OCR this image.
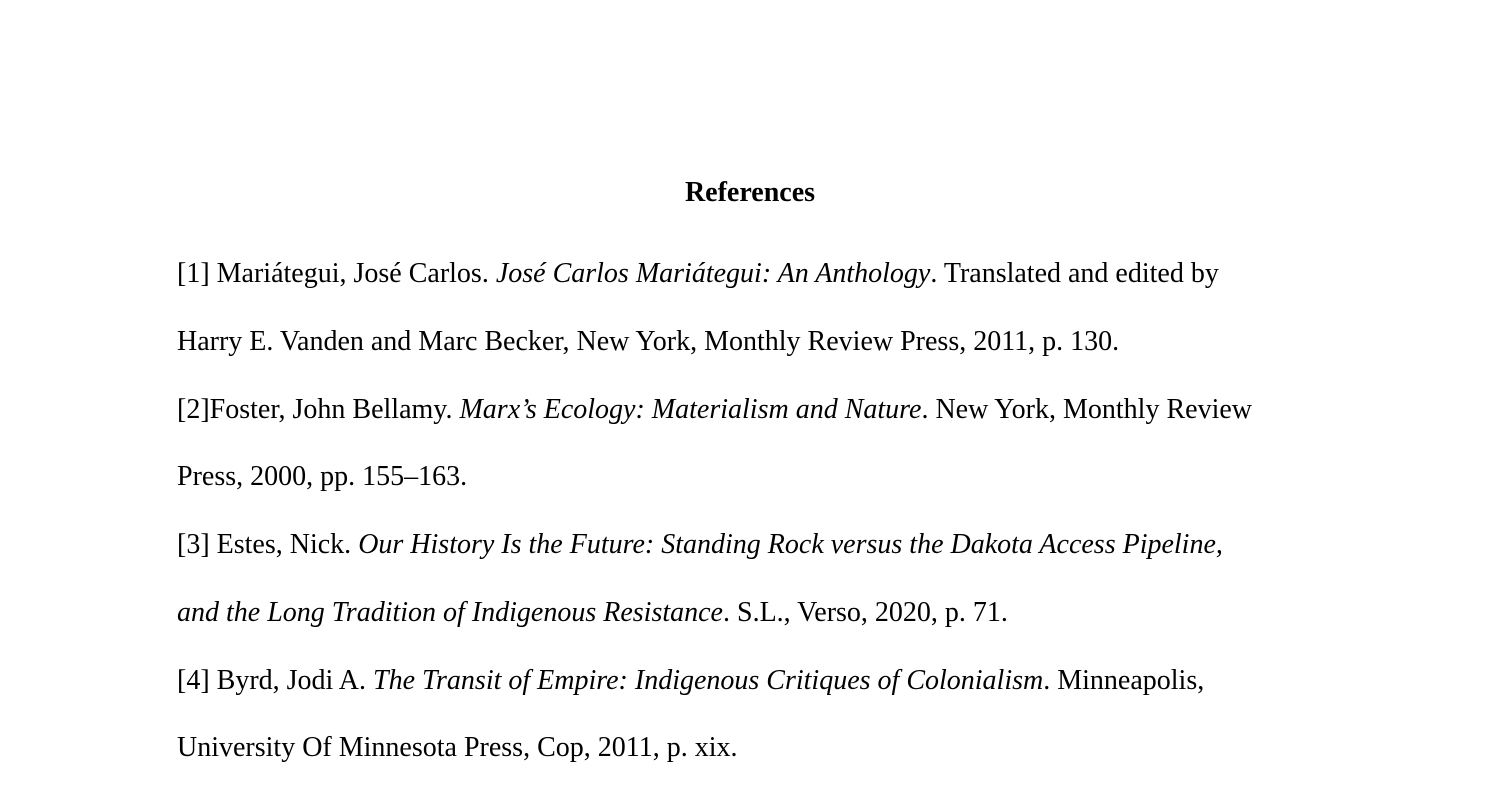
References
[1] Mariátegui, José Carlos. José Carlos Mariátegui: An Anthology. Translated and edited by
Harry E. Vanden and Marc Becker, New York, Monthly Review Press, 2011, p. 130.
[2]Foster, John Bellamy. Marx’s Ecology: Materialism and Nature. New York, Monthly Review
Press, 2000, pp. 155–163.
[3] Estes, Nick. Our History Is the Future: Standing Rock versus the Dakota Access Pipeline,
and the Long Tradition of Indigenous Resistance. S.L., Verso, 2020, p. 71.
[4] Byrd, Jodi A. The Transit of Empire: Indigenous Critiques of Colonialism. Minneapolis,
University Of Minnesota Press, Cop, 2011, p. xix.
